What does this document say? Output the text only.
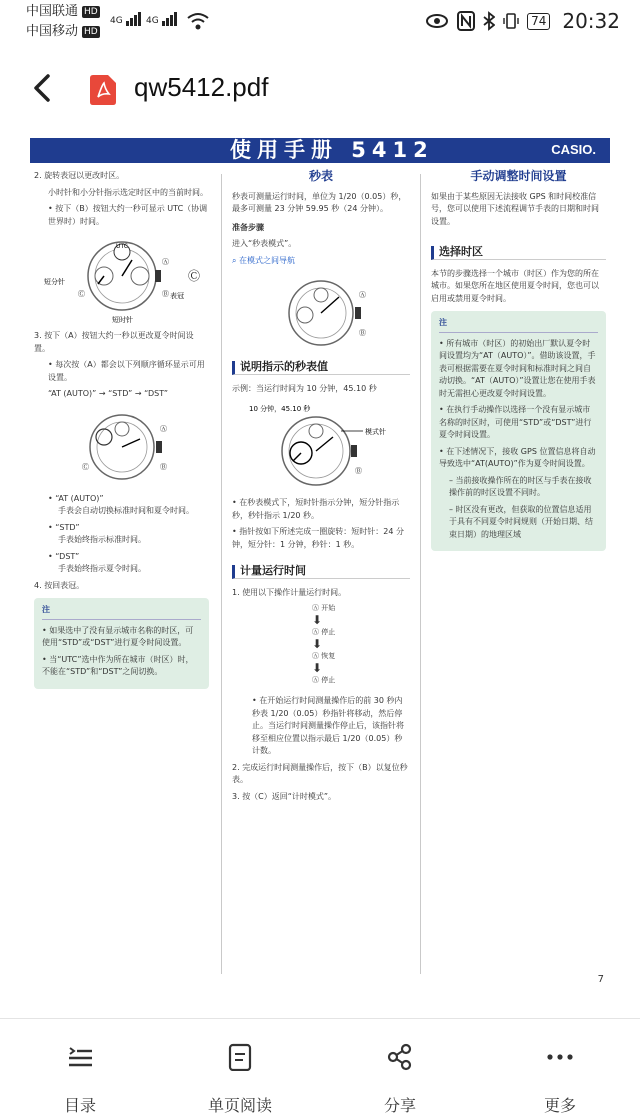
中国联通 HD
中国移动 HD
4G	4G	74 20:32
qw5412.pdf
使用手册 5412	CASIO.

2. 旋转表冠以更改时区。

小时针和小分针指示选定时区中的当前时间。

• 按下（B）按钮大约一秒可显示 UTC（协调世界时）时间。

UTC
Ⓒ
Ⓐ
Ⓑ
Ⓒ
短分针
短时针
表冠

3. 按下（A）按钮大约一秒以更改夏令时间设置。

• 每次按（A）都会以下列顺序循环显示可用设置。

“AT (AUTO)” → “STD” → “DST”

Ⓐ
Ⓑ
Ⓒ

• “AT (AUTO)”

手表会自动切换标准时间和夏令时间。

• “STD”

手表始终指示标准时间。

• “DST”

手表始终指示夏令时间。

4. 按回表冠。

注

• 如果选中了没有显示城市名称的时区，可使用“STD”或“DST”进行夏令时间设置。

• 当“UTC”选中作为所在城市（时区）时，不能在“STD”和“DST”之间切换。

秒表

秒表可测量运行时间，单位为 1/20（0.05）秒，最多可测量 23 分钟 59.95 秒（24 分钟）。

准备步骤

进入“秒表模式”。

⌕ 在模式之间导航

Ⓐ
Ⓑ
说明指示的秒表值

示例：当运行时间为 10 分钟，45.10 秒

10 分钟，45.10 秒
模式针
Ⓑ

• 在秒表模式下，短时针指示分钟，短分针指示秒，秒针指示 1/20 秒。

• 指针按如下所述完成一圈旋转：短时针：24 分钟，短分针：1 分钟，秒针：1 秒。

计量运行时间

1. 使用以下操作计量运行时间。

Ⓐ 开始
⬇
Ⓐ 停止
⬇
Ⓐ 恢复
⬇
Ⓐ 停止

• 在开始运行时间测量操作后的前 30 秒内秒表 1/20（0.05）秒指针将移动，然后停止。当运行时间测量操作停止后，该指针将移至相应位置以指示最后 1/20（0.05）秒计数。

2. 完成运行时间测量操作后，按下（B）以复位秒表。

3. 按（C）返回“计时模式”。

手动调整时间设置

如果由于某些原因无法接收 GPS 和时间校准信号，您可以使用下述流程调节手表的日期和时间设置。

选择时区

本节的步骤选择一个城市（时区）作为您的所在城市。如果您所在地区使用夏令时间，您也可以启用或禁用夏令时间。

注

• 所有城市（时区）的初始出厂默认夏令时间设置均为“AT（AUTO）”。借助该设置，手表可根据需要在夏令时间和标准时间之间自动切换。“AT（AUTO）”设置让您在使用手表时无需担心更改夏令时间设置。

• 在执行手动操作以选择一个没有显示城市名称的时区时，可使用“STD”或“DST”进行夏令时间设置。

• 在下述情况下，接收 GPS 位置信息将自动导致选中“AT(AUTO)”作为夏令时间设置。

– 当前接收操作所在的时区与手表在接收操作前的时区设置不同时。

– 时区没有更改，但获取的位置信息适用于具有不同夏令时间规则（开始日期、结束日期）的地理区域

7
目录	单页阅读	分享	更多
